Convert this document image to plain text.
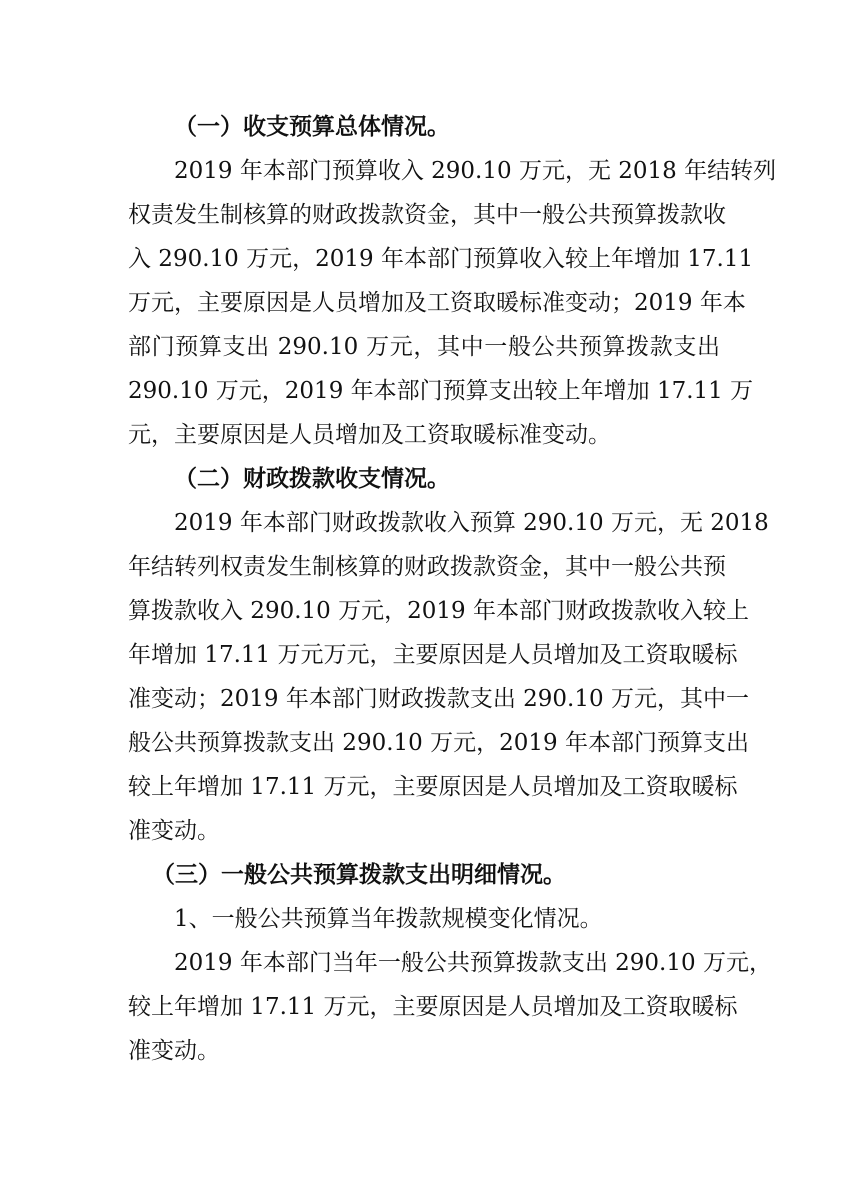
（一）收支预算总体情况。
2019 年本部门预算收入 290.10 万元，无 2018 年结转列
权责发生制核算的财政拨款资金，其中一般公共预算拨款收
入 290.10 万元，2019 年本部门预算收入较上年增加 17.11
万元，主要原因是人员增加及工资取暖标准变动；2019 年本
部门预算支出 290.10 万元，其中一般公共预算拨款支出
290.10 万元，2019 年本部门预算支出较上年增加 17.11 万
元，主要原因是人员增加及工资取暖标准变动。
（二）财政拨款收支情况。
2019 年本部门财政拨款收入预算 290.10 万元，无 2018
年结转列权责发生制核算的财政拨款资金，其中一般公共预
算拨款收入 290.10 万元，2019 年本部门财政拨款收入较上
年增加 17.11 万元万元，主要原因是人员增加及工资取暖标
准变动；2019 年本部门财政拨款支出 290.10 万元，其中一
般公共预算拨款支出 290.10 万元，2019 年本部门预算支出
较上年增加 17.11 万元，主要原因是人员增加及工资取暖标
准变动。
（三）一般公共预算拨款支出明细情况。
1、一般公共预算当年拨款规模变化情况。
2019 年本部门当年一般公共预算拨款支出 290.10 万元，
较上年增加 17.11 万元，主要原因是人员增加及工资取暖标
准变动。
